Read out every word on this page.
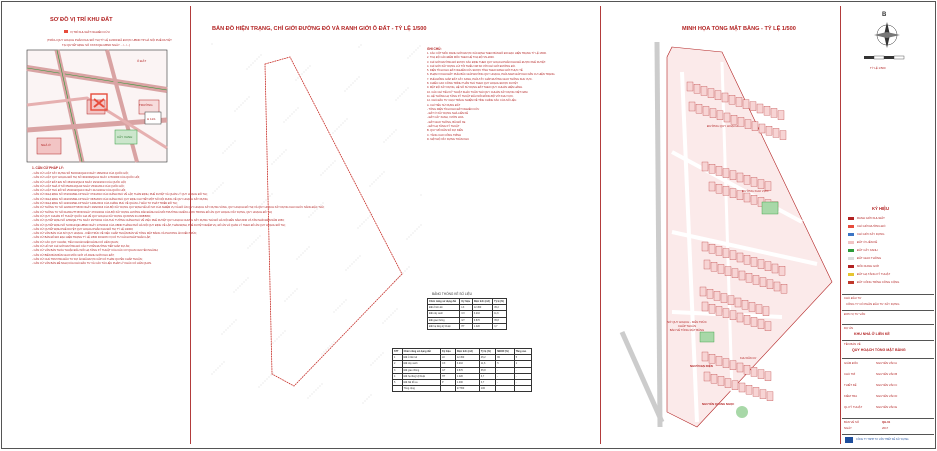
SƠ ĐỒ VỊ TRÍ KHU ĐẤT
(TRÍCH QUY HOẠCH PHÂN KHU ĐÔ THỊ TỶ LỆ 1/2000 ĐÃ ĐƯỢC UBND TP HÀ NỘI PHÊ DUYỆT
TẠI QUYẾT ĐỊNH SỐ XXXX/QĐ-UBND NGÀY .../.../...)
VỊ TRÍ KHU ĐẤT NGHIÊN CỨU
Ô ĐẤT
H 11/1
NHÀ Ở
CÂY XANH
TRƯỜNG
1. CĂN CỨ PHÁP LÝ:
- CĂN CỨ LUẬT XÂY DỰNG SỐ 50/2014/QH13 NGÀY 18/6/2014 CỦA QUỐC HỘI;
- CĂN CỨ LUẬT QUY HOẠCH ĐÔ THỊ SỐ 30/2009/QH12 NGÀY 17/6/2009 CỦA QUỐC HỘI;
- CĂN CỨ LUẬT ĐẤT ĐAI SỐ 45/2013/QH13 NGÀY 29/11/2013 CỦA QUỐC HỘI;
- CĂN CỨ LUẬT NHÀ Ở SỐ 65/2014/QH13 NGÀY 25/11/2014 CỦA QUỐC HỘI;
- CĂN CỨ LUẬT THỦ ĐÔ SỐ 25/2012/QH13 NGÀY 21/11/2012 CỦA QUỐC HỘI;
- CĂN CỨ NGHỊ ĐỊNH SỐ 37/2010/NĐ-CP NGÀY 07/4/2010 CỦA CHÍNH PHỦ VỀ LẬP, THẨM ĐỊNH, PHÊ DUYỆT VÀ QUẢN LÝ QUY HOẠCH ĐÔ THỊ;
- CĂN CỨ NGHỊ ĐỊNH SỐ 44/2015/NĐ-CP NGÀY 06/5/2015 CỦA CHÍNH PHỦ QUY ĐỊNH CHI TIẾT MỘT SỐ NỘI DUNG VỀ QUY HOẠCH XÂY DỰNG;
- CĂN CỨ NGHỊ ĐỊNH SỐ 11/2013/NĐ-CP NGÀY 14/01/2013 CỦA CHÍNH PHỦ VỀ QUẢN LÝ ĐẦU TƯ PHÁT TRIỂN ĐÔ THỊ;
- CĂN CỨ THÔNG TƯ SỐ 12/2016/TT-BXD NGÀY 29/6/2016 CỦA BỘ XÂY DỰNG QUY ĐỊNH VỀ HỒ SƠ CỦA NHIỆM VỤ VÀ ĐỒ ÁN QUY HOẠCH XÂY DỰNG VÙNG, QUY HOẠCH ĐÔ THỊ VÀ QUY HOẠCH XÂY DỰNG KHU CHỨC NĂNG ĐẶC THÙ;
- CĂN CỨ THÔNG TƯ SỐ 01/2011/TT-BXD NGÀY 27/01/2011 CỦA BỘ XÂY DỰNG HƯỚNG DẪN ĐÁNH GIÁ MÔI TRƯỜNG CHIẾN LƯỢC TRONG ĐỒ ÁN QUY HOẠCH XÂY DỰNG, QUY HOẠCH ĐÔ THỊ;
- CĂN CỨ QUY CHUẨN KỸ THUẬT QUỐC GIA VỀ QUY HOẠCH XÂY DỰNG QCXDVN 01:2008/BXD;
- CĂN CỨ QUYẾT ĐỊNH SỐ 1259/QĐ-TTG NGÀY 26/7/2011 CỦA THỦ TƯỚNG CHÍNH PHỦ VỀ VIỆC PHÊ DUYỆT QUY HOẠCH CHUNG XÂY DỰNG THỦ ĐÔ HÀ NỘI ĐẾN NĂM 2030 VÀ TẦM NHÌN ĐẾN NĂM 2050;
- CĂN CỨ QUYẾT ĐỊNH SỐ 72/2014/QĐ-UBND NGÀY 17/9/2014 CỦA UBND THÀNH PHỐ HÀ NỘI QUY ĐỊNH VỀ LẬP, THẨM ĐỊNH, PHÊ DUYỆT NHIỆM VỤ, ĐỒ ÁN VÀ QUẢN LÝ THEO ĐỒ ÁN QUY HOẠCH ĐÔ THỊ;
- CĂN CỨ QUYẾT ĐỊNH PHÊ DUYỆT QUY HOẠCH PHÂN KHU ĐÔ THỊ TỶ LỆ 1/2000;
- CĂN CỨ VĂN BẢN CỦA SỞ QUY HOẠCH - KIẾN TRÚC VỀ VIỆC CHẤP THUẬN BẢN VẼ TỔNG MẶT BẰNG VÀ PHƯƠNG ÁN KIẾN TRÚC;
- CĂN CỨ BẢN ĐỒ ĐO ĐẠC HIỆN TRẠNG TỶ LỆ 1/500 DO ĐƠN VỊ CÓ TƯ CÁCH PHÁP NHÂN LẬP;
- CĂN CỨ CÁC QUY CHUẨN, TIÊU CHUẨN HIỆN HÀNH CÓ LIÊN QUAN;
- CĂN CỨ HỒ SƠ CHỈ GIỚI ĐƯỜNG ĐỎ CÁC TUYẾN ĐƯỜNG TIẾP GIÁP DỰ ÁN;
- CĂN CỨ VĂN BẢN THỎA THUẬN ĐẤU NỐI HẠ TẦNG KỸ THUẬT CỦA CÁC CƠ QUAN CHUYÊN NGÀNH;
- CĂN CỨ BIÊN BẢN BÀN GIAO MỐC GIỚI VÀ RANH GIỚI KHU ĐẤT;
- CĂN CỨ CHỦ TRƯƠNG ĐẦU TƯ DỰ ÁN ĐÃ ĐƯỢC CẤP CÓ THẨM QUYỀN CHẤP THUẬN;
- CĂN CỨ VĂN BẢN ĐỀ NGHỊ CỦA CHỦ ĐẦU TƯ VÀ CÁC TÀI LIỆU PHÁP LÝ KHÁC CÓ LIÊN QUAN.
BẢN ĐỒ HIỆN TRẠNG, CHỈ GIỚI ĐƯỜNG ĐỎ VÀ RANH GIỚI Ô ĐẤT - TỶ LỆ 1/500
GHI CHÚ:
1. CÁC CỘT MỐC RANH GIỚI ĐƯỢC XÁC ĐỊNH THEO BẢN ĐỒ ĐO ĐẠC HIỆN TRẠNG TỶ LỆ 1/500.
2. TOẠ ĐỘ CÁC ĐIỂM MỐC THEO HỆ TOẠ ĐỘ VN-2000.
3. CHỈ GIỚI ĐƯỜNG ĐỎ ĐƯỢC XÁC ĐỊNH THEO QUY HOẠCH PHÂN KHU ĐÃ ĐƯỢC PHÊ DUYỆT.
4. CHỈ GIỚI XÂY DỰNG LÙI TỐI THIỂU 3M SO VỚI CHỈ GIỚI ĐƯỜNG ĐỎ.
5. DIỆN TÍCH KHU ĐẤT NGHIÊN CỨU ĐƯỢC TÍNH THEO RANH GIỚI THỰC TẾ.
6. PHẠM VI KHU ĐẤT: PHÍA BẮC GIÁP ĐƯỜNG QUY HOẠCH, PHÍA NAM GIÁP KHU DÂN CƯ HIỆN TRẠNG.
7. PHÍA ĐÔNG GIÁP ĐẤT CÂY XANH, PHÍA TÂY GIÁP ĐƯỜNG GIAO THÔNG KHU VỰC.
8. CHIỀU CAO CÔNG TRÌNH TUÂN THỦ THEO QUY HOẠCH ĐƯỢC DUYỆT.
9. MẬT ĐỘ XÂY DỰNG, HỆ SỐ SỬ DỤNG ĐẤT THEO QUY CHUẨN HIỆN HÀNH.
10. CÁC CHỈ TIÊU KỸ THUẬT KHÁC TUÂN THỦ QUY CHUẨN XÂY DỰNG VIỆT NAM.
11. HỆ THỐNG HẠ TẦNG KỸ THUẬT ĐẤU NỐI ĐỒNG BỘ VỚI KHU VỰC.
12. CHỦ ĐẦU TƯ CHỊU TRÁCH NHIỆM VỀ TÍNH CHÍNH XÁC CỦA SỐ LIỆU.
A. CHỈ TIÊU SỬ DỤNG ĐẤT
- TỔNG DIỆN TÍCH KHU ĐẤT NGHIÊN CỨU
- ĐẤT Ở XÂY DỰNG NHÀ LIỀN KỀ
- ĐẤT CÂY XANH, VƯỜN HOA
- ĐẤT GIAO THÔNG, BÃI ĐỖ XE
- ĐẤT HẠ TẦNG KỸ THUẬT
B. QUY MÔ DÂN SỐ DỰ KIẾN
C. TẦNG CAO CÔNG TRÌNH
D. MẬT ĐỘ XÂY DỰNG TOÀN KHU
BẢNG THỐNG KÊ SỐ LIỆU
Chức năng sử dụng đất	Ký hiệu	Diện tích (m2)	Tỷ lệ (%)
Đất ở liền kề	LK	12.450	45,2
Đất cây xanh	CX	3.210	11,6
Đất giao thông	GT	9.870	35,8
Đất hạ tầng kỹ thuật	HT	1.020	3,7
STT	Chức năng sử dụng đất	Ký hiệu	Diện tích (m2)	Tỷ lệ (%)	MĐXD (%)	Tầng cao
1	Đất ở liền kề	LK	12.450	45,2	80	5
2	Đất cây xanh	CX	3.210	11,6	5	1
3	Đất giao thông	GT	9.870	35,8	-	-
4	Đất hạ tầng kỹ thuật	HT	1.020	3,7	-	-
5	Đất bãi đỗ xe	P	1.000	3,7	-	-
	Tổng cộng		27.550	100		
MINH HỌA TỔNG MẶT BẰNG - TỶ LỆ 1/500
ĐƯỜNG QUY HOẠCH
ĐƯỜNG KHU VỰC
KHU DÂN CƯ
SỞ QUY HOẠCH - KIẾN TRÚC
CHẤP THUẬN
BẢN VẼ TỔNG MẶT BẰNG
NGƯỜI ĐẠI DIỆN
NGUYỄN QUANG NGỌC
B
TỶ LỆ 1/500
KÝ HIỆU
RANH GIỚI KHU ĐẤT
CHỈ GIỚI ĐƯỜNG ĐỎ
CHỈ GIỚI XÂY DỰNG
ĐẤT Ở LIỀN KỀ
ĐẤT CÂY XANH
ĐẤT GIAO THÔNG
MỐC RANH GIỚI
ĐẤT HẠ TẦNG KỸ THUẬT
ĐẤT CÔNG TRÌNH CÔNG CỘNG
CHỦ ĐẦU TƯ
CÔNG TY CỔ PHẦN ĐẦU TƯ XÂY DỰNG
ĐƠN VỊ TƯ VẤN
DỰ ÁN
KHU NHÀ Ở LIỀN KỀ
TÊN BẢN VẼ
QUY HOẠCH TỔNG MẶT BẰNG
GIÁM ĐỐC	NGUYỄN VĂN A
CHỦ TRÌ	NGUYỄN VĂN B
THIẾT KẾ	NGUYỄN VĂN C
KIỂM TRA	NGUYỄN VĂN D
QL KỸ THUẬT	NGUYỄN VĂN E
BẢN VẼ SỐ	QH-01
NGÀY	2017
CÔNG TY TNHH TƯ VẤN THIẾT KẾ XÂY DỰNG
